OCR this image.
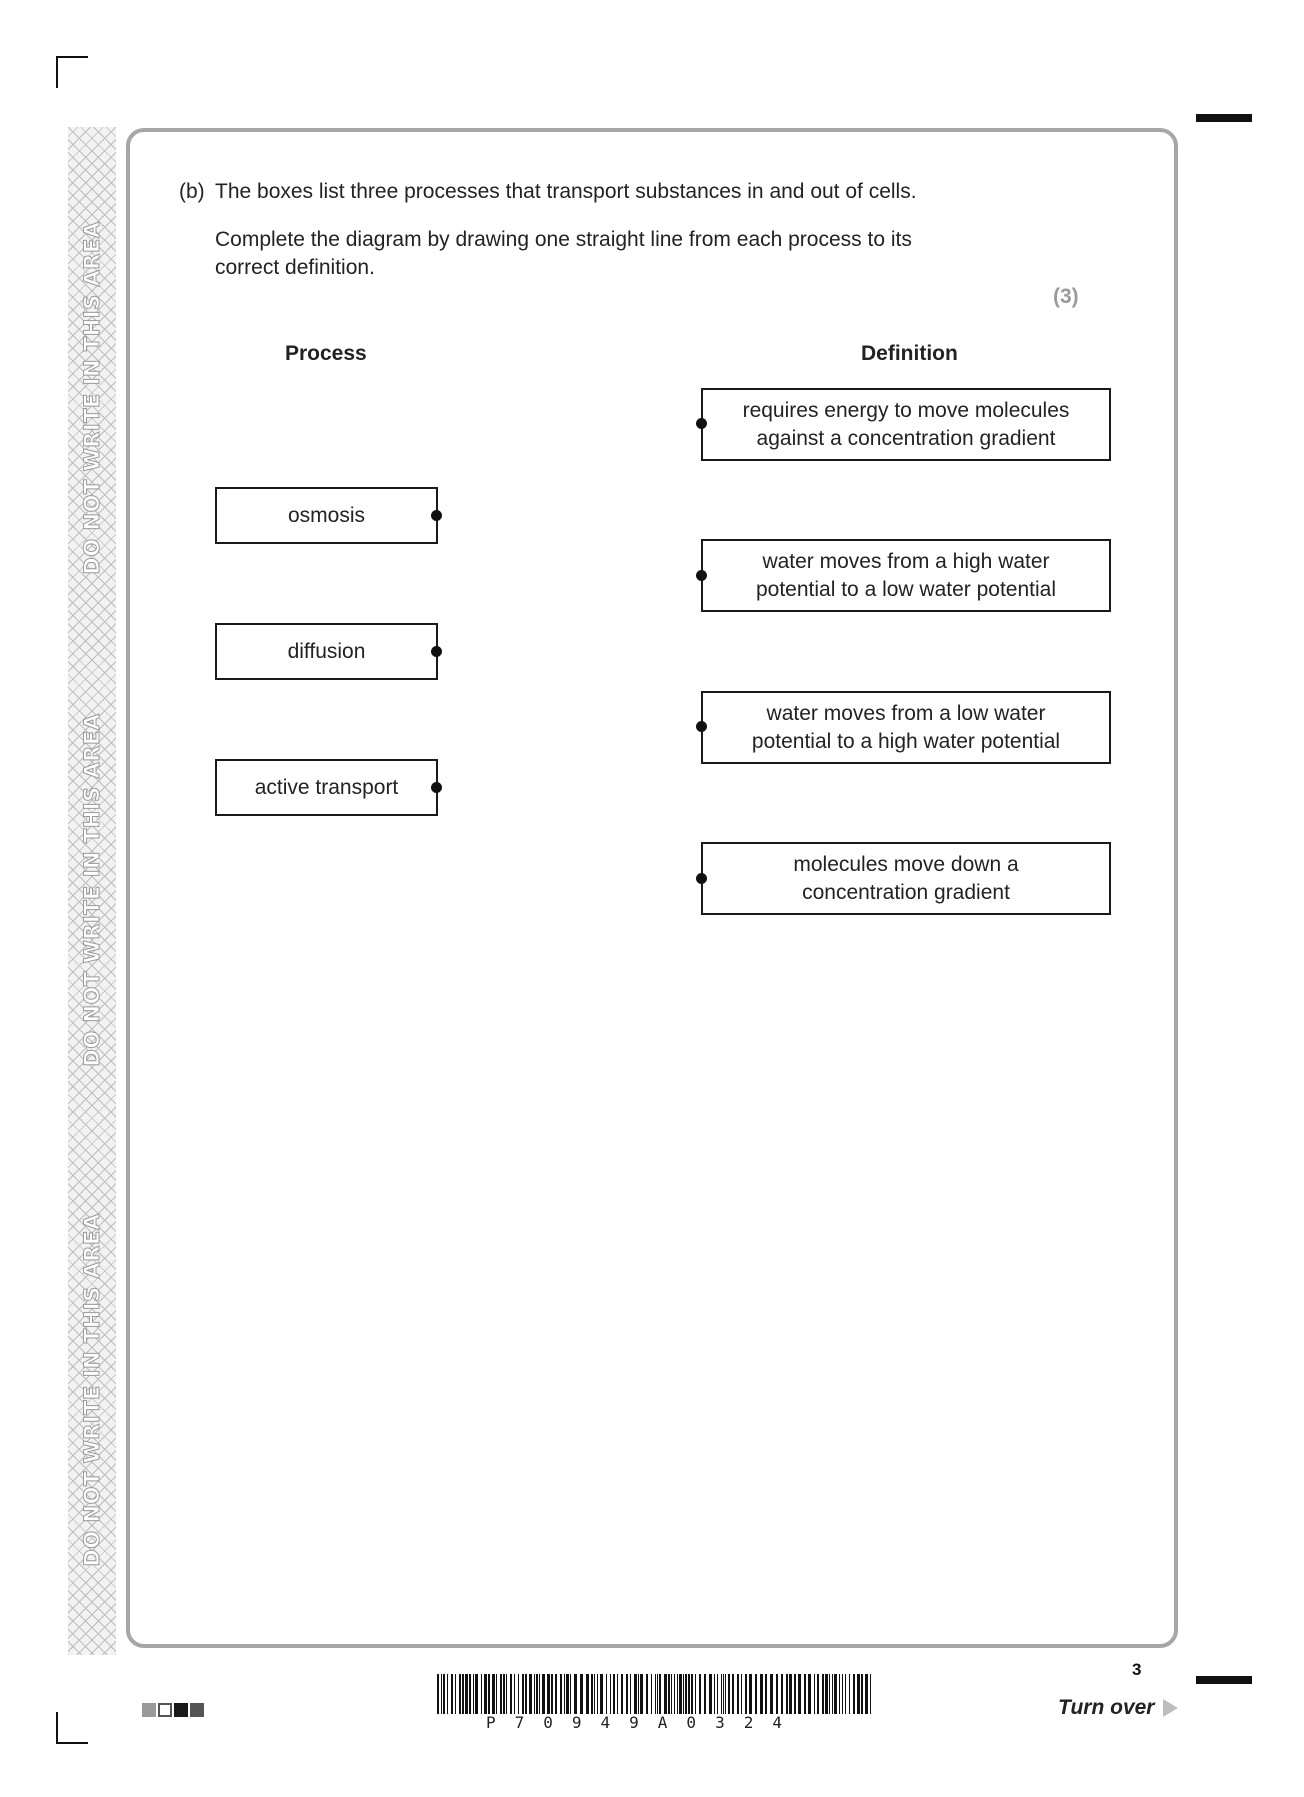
DO NOT WRITE IN THIS AREA
DO NOT WRITE IN THIS AREA
DO NOT WRITE IN THIS AREA
(b) The boxes list three processes that transport substances in and out of cells.
Complete the diagram by drawing one straight line from each process to its
correct definition.
(3)
Process	Definition
osmosis
diffusion
active transport
requires energy to move molecules
against a concentration gradient
water moves from a high water
potential to a low water potential
water moves from a low water
potential to a high water potential
molecules move down a
concentration gradient
P70949A0324
3
Turn over
